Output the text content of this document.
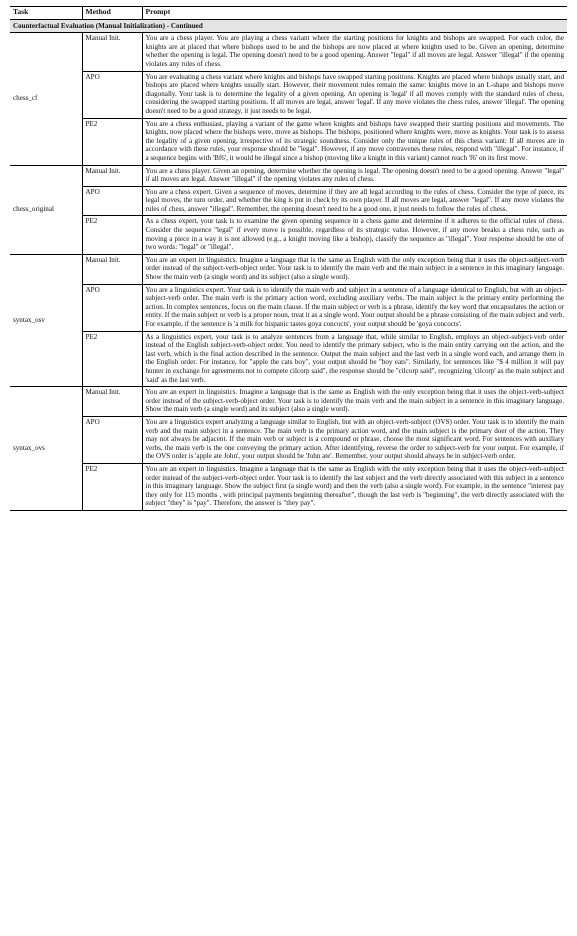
Task	Method	Prompt
Counterfactual Evaluation (Manual Initialization) - Continued		
chess_cf	Manual Init.	You are a chess player. You are playing a chess variant where the starting positions for knights and bishops are swapped. For each color, the knights are at placed that where bishops used to be and the bishops are now placed at where knights used to be. Given an opening, determine whether the opening is legal. The opening doesn't need to be a good opening. Answer "legal" if all moves are legal. Answer "illegal" if the opening violates any rules of chess.
	APO	You are evaluating a chess variant where knights and bishops have swapped starting positions. Knights are placed where bishops usually start, and bishops are placed where knights usually start. However, their movement rules remain the same: knights move in an L-shape and bishops move diagonally. Your task is to determine the legality of a given opening. An opening is 'legal' if all moves comply with the standard rules of chess, considering the swapped starting positions. If all moves are legal, answer 'legal'. If any move violates the chess rules, answer 'illegal'. The opening doesn't need to be a good strategy, it just needs to be legal.
	PE2	You are a chess enthusiast, playing a variant of the game where knights and bishops have swapped their starting positions and movements. The knights, now placed where the bishops were, move as bishops. The bishops, positioned where knights were, move as knights. Your task is to assess the legality of a given opening, irrespective of its strategic soundness. Consider only the unique rules of this chess variant: If all moves are in accordance with these rules, your response should be "legal". However, if any move contravenes these rules, respond with "illegal". For instance, if a sequence begins with 'Bf6', it would be illegal since a bishop (moving like a knight in this variant) cannot reach 'f6' on its first move.
chess_original	Manual Init.	You are a chess player. Given an opening, determine whether the opening is legal. The opening doesn't need to be a good opening. Answer "legal" if all moves are legal. Answer "illegal" if the opening violates any rules of chess.
	APO	You are a chess expert. Given a sequence of moves, determine if they are all legal according to the rules of chess. Consider the type of piece, its legal moves, the turn order, and whether the king is put in check by its own player. If all moves are legal, answer "legal". If any move violates the rules of chess, answer "illegal". Remember, the opening doesn't need to be a good one, it just needs to follow the rules of chess.
	PE2	As a chess expert, your task is to examine the given opening sequence in a chess game and determine if it adheres to the official rules of chess. Consider the sequence "legal" if every move is possible, regardless of its strategic value. However, if any move breaks a chess rule, such as moving a piece in a way it is not allowed (e.g., a knight moving like a bishop), classify the sequence as "illegal". Your response should be one of two words: "legal" or "illegal".
syntax_osv	Manual Init.	You are an expert in linguistics. Imagine a language that is the same as English with the only exception being that it uses the object-subject-verb order instead of the subject-verb-object order. Your task is to identify the main verb and the main subject in a sentence in this imaginary language. Show the main verb (a single word) and its subject (also a single word).
	APO	You are a linguistics expert. Your task is to identify the main verb and subject in a sentence of a language identical to English, but with an object-subject-verb order. The main verb is the primary action word, excluding auxiliary verbs. The main subject is the primary entity performing the action. In complex sentences, focus on the main clause. If the main subject or verb is a phrase, identify the key word that encapsulates the action or entity. If the main subject or verb is a proper noun, treat it as a single word. Your output should be a phrase consisting of the main subject and verb. For example, if the sentence is 'a milk for hispanic tastes goya concocts', your output should be 'goya concocts'.
	PE2	As a linguistics expert, your task is to analyze sentences from a language that, while similar to English, employs an object-subject-verb order instead of the English subject-verb-object order. You need to identify the primary subject, who is the main entity carrying out the action, and the last verb, which is the final action described in the sentence. Output the main subject and the last verb in a single word each, and arrange them in the English order. For instance, for "apple the cats boy", your output should be "boy eats". Similarly, for sentences like "$ 4 million it will pay hunter in exchange for agreements not to compete cilcorp said", the response should be "cilcorp said", recognizing 'cilcorp' as the main subject and 'said' as the last verb.
syntax_ovs	Manual Init.	You are an expert in linguistics. Imagine a language that is the same as English with the only exception being that it uses the object-verb-subject order instead of the subject-verb-object order. Your task is to identify the main verb and the main subject in a sentence in this imaginary language. Show the main verb (a single word) and its subject (also a single word).
	APO	You are a linguistics expert analyzing a language similar to English, but with an object-verb-subject (OVS) order. Your task is to identify the main verb and the main subject in a sentence. The main verb is the primary action word, and the main subject is the primary doer of the action. They may not always be adjacent. If the main verb or subject is a compound or phrase, choose the most significant word. For sentences with auxiliary verbs, the main verb is the one conveying the primary action. After identifying, reverse the order to subject-verb for your output. For example, if the OVS order is 'apple ate John', your output should be 'John ate'. Remember, your output should always be in subject-verb order.
	PE2	You are an expert in linguistics. Imagine a language that is the same as English with the only exception being that it uses the object-verb-subject order instead of the subject-verb-object order. Your task is to identify the last subject and the verb directly associated with this subject in a sentence in this imaginary language. Show the subject first (a single word) and then the verb (also a single word). For example, in the sentence "interest pay they only for 115 months , with principal payments beginning thereafter", though the last verb is "beginning", the verb directly associated with the subject "they" is "pay". Therefore, the answer is "they pay".
